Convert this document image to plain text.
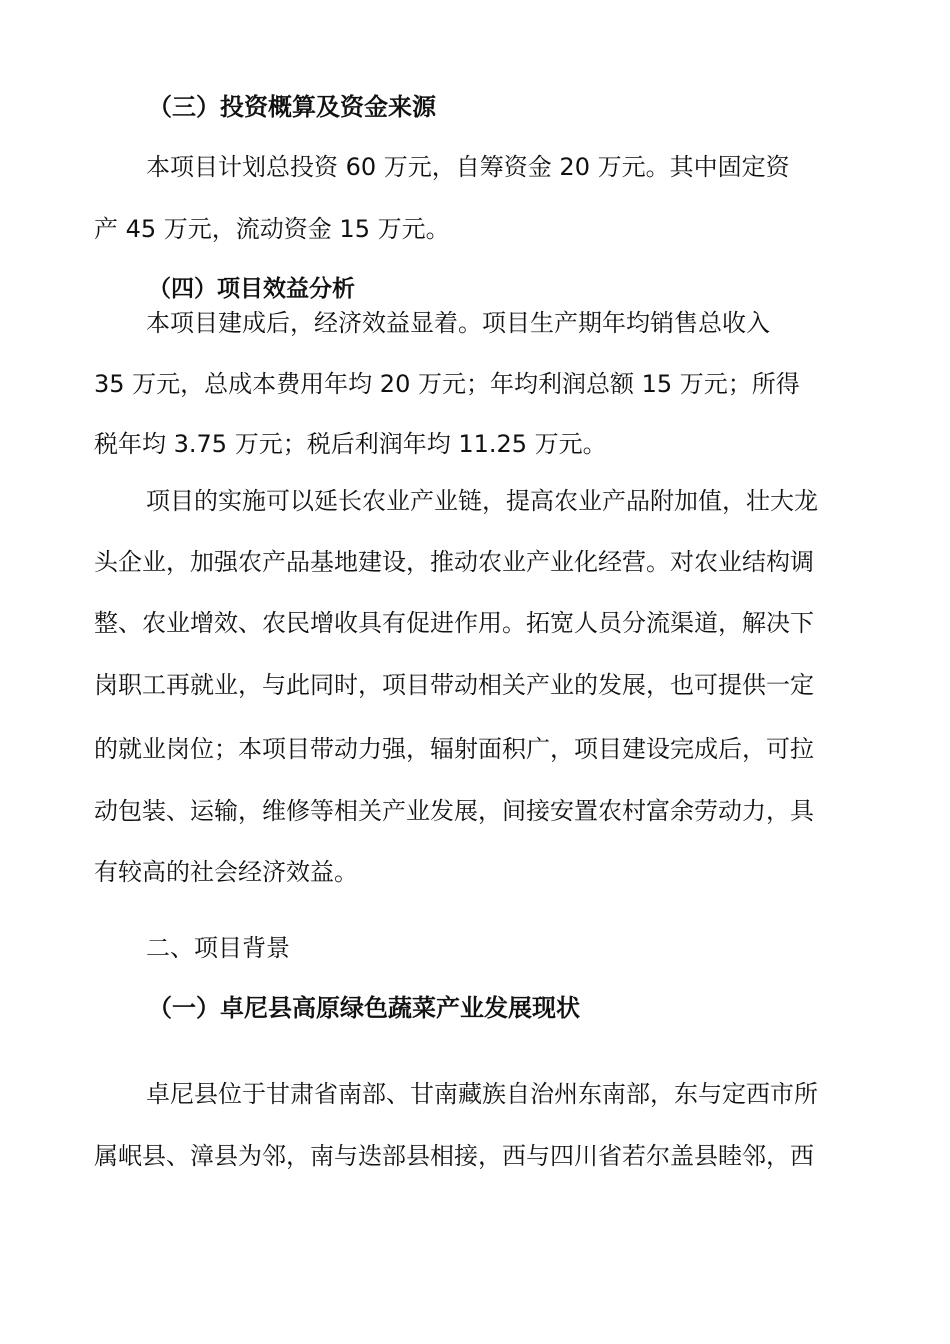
（三）投资概算及资金来源
本项目计划总投资 60 万元，自筹资金 20 万元。其中固定资
产 45 万元，流动资金 15 万元。
（四）项目效益分析
本项目建成后，经济效益显着。项目生产期年均销售总收入
35 万元，总成本费用年均 20 万元；年均利润总额 15 万元；所得
税年均 3.75 万元；税后利润年均 11.25 万元。
项目的实施可以延长农业产业链，提高农业产品附加值，壮大龙
头企业，加强农产品基地建设，推动农业产业化经营。对农业结构调
整、农业增效、农民增收具有促进作用。拓宽人员分流渠道，解决下
岗职工再就业，与此同时，项目带动相关产业的发展，也可提供一定
的就业岗位；本项目带动力强，辐射面积广，项目建设完成后，可拉
动包装、运输，维修等相关产业发展，间接安置农村富余劳动力，具
有较高的社会经济效益。
二、项目背景
（一）卓尼县高原绿色蔬菜产业发展现状
卓尼县位于甘肃省南部、甘南藏族自治州东南部，东与定西市所
属岷县、漳县为邻，南与迭部县相接，西与四川省若尔盖县睦邻，西
